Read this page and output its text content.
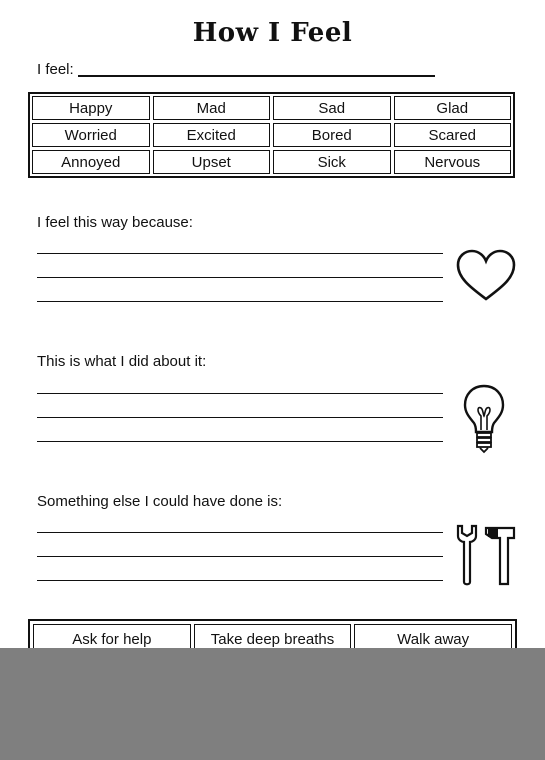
How I Feel
I feel:
Happy	Mad	Sad	Glad
Worried	Excited	Bored	Scared
Annoyed	Upset	Sick	Nervous
I feel this way because:
This is what I did about it:
Something else I could have done is:
Ask for help	Take deep breaths	Walk away
